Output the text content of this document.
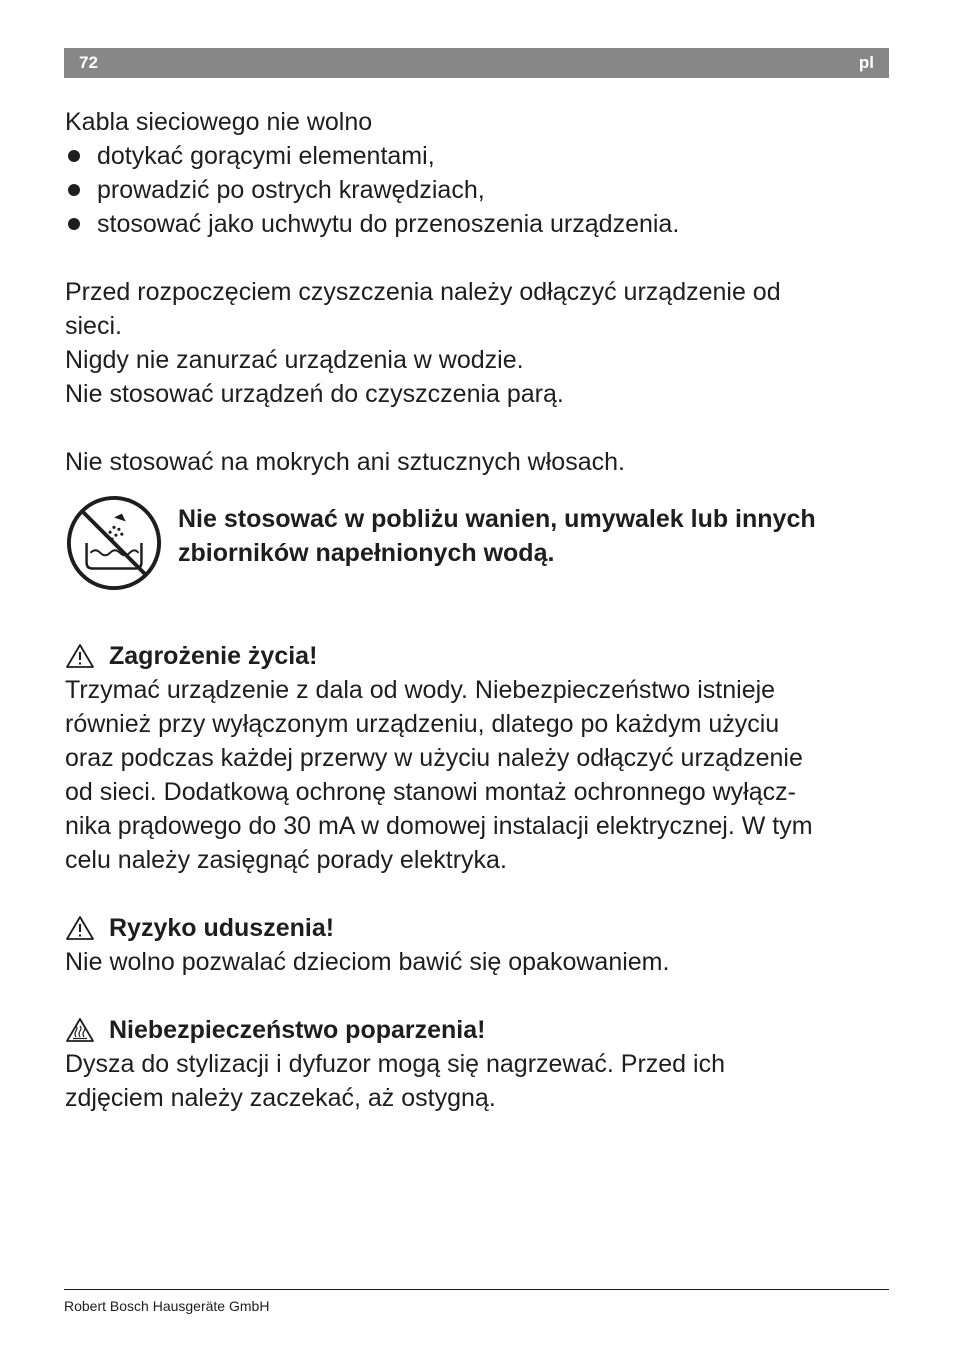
72	pl

Kabla sieciowego nie wolno

dotykać gorącymi elementami,
prowadzić po ostrych krawędziach,
stosować jako uchwytu do przenoszenia urządzenia.

Przed rozpoczęciem czyszczenia należy odłączyć urządzenie od

sieci.

Nigdy nie zanurzać urządzenia w wodzie.

Nie stosować urządzeń do czyszczenia parą.

Nie stosować na mokrych ani sztucznych włosach.

Nie stosować w pobliżu wanien, umywalek lub innych
zbiorników napełnionych wodą.
Zagrożenie życia!

Trzymać urządzenie z dala od wody. Niebezpieczeństwo istnieje

również przy wyłączonym urządzeniu, dlatego po każdym użyciu

oraz podczas każdej przerwy w użyciu należy odłączyć urządzenie

od sieci. Dodatkową ochronę stanowi montaż ochronnego wyłącz-

nika prądowego do 30 mA w domowej instalacji elektrycznej. W tym

celu należy zasięgnąć porady elektryka.

Ryzyko uduszenia!

Nie wolno pozwalać dzieciom bawić się opakowaniem.

Niebezpieczeństwo poparzenia!

Dysza do stylizacji i dyfuzor mogą się nagrzewać. Przed ich

zdjęciem należy zaczekać, aż ostygną.

Robert Bosch Hausgeräte GmbH
